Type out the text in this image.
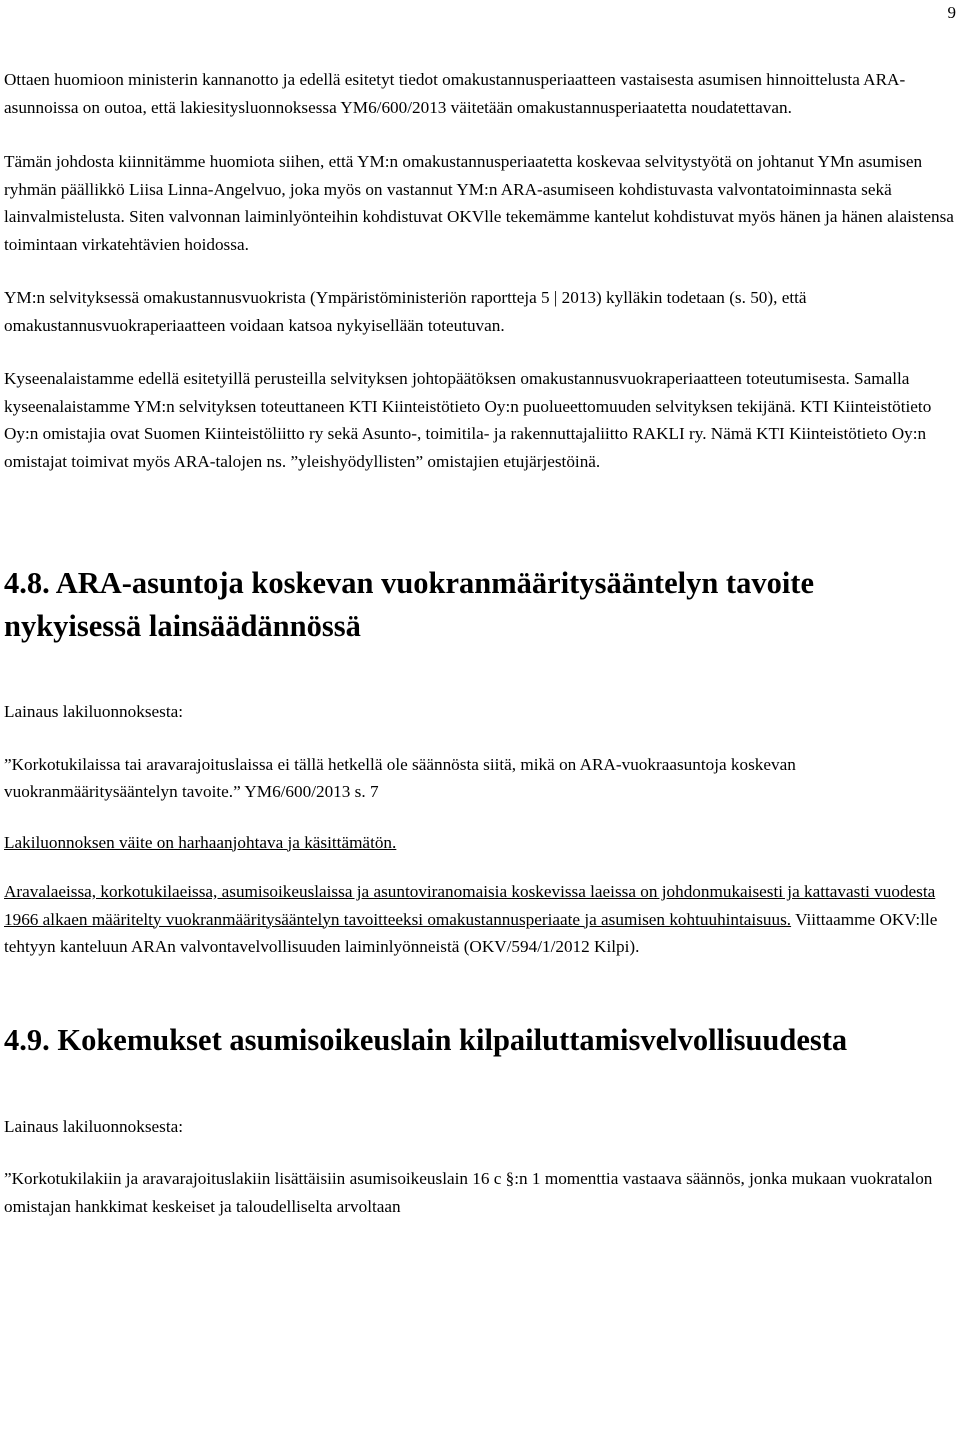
9

Ottaen huomioon ministerin kannanotto ja edellä esitetyt tiedot omakustannusperiaatteen vastaisesta asumisen hinnoittelusta ARA-asunnoissa on outoa, että lakiesitysluonnoksessa YM6/600/2013 väitetään omakustannusperiaatetta noudatettavan.

Tämän johdosta kiinnitämme huomiota siihen, että YM:n omakustannusperiaatetta koskevaa selvitystyötä on johtanut YMn asumisen ryhmän päällikkö Liisa Linna-Angelvuo, joka myös on vastannut YM:n ARA-asumiseen kohdistuvasta valvontatoiminnasta sekä lainvalmistelusta. Siten valvonnan laiminlyönteihin kohdistuvat OKVlle tekemämme kantelut kohdistuvat myös hänen ja hänen alaistensa toimintaan virkatehtävien hoidossa.

YM:n selvityksessä omakustannusvuokrista (Ympäristöministeriön raportteja 5 | 2013) kylläkin todetaan (s. 50), että omakustannusvuokraperiaatteen voidaan katsoa nykyisellään toteutuvan.

Kyseenalaistamme edellä esitetyillä perusteilla selvityksen johtopäätöksen omakustannusvuokraperiaatteen toteutumisesta. Samalla kyseenalaistamme YM:n selvityksen toteuttaneen KTI Kiinteistötieto Oy:n puolueettomuuden selvityksen tekijänä. KTI Kiinteistötieto Oy:n omistajia ovat Suomen Kiinteistöliitto ry sekä Asunto-, toimitila- ja rakennuttajaliitto RAKLI ry. Nämä KTI Kiinteistötieto Oy:n omistajat toimivat myös ARA-talojen ns. ”yleishyödyllisten” omistajien etujärjestöinä.

4.8. ARA-asuntoja koskevan vuokranmääritysääntelyn tavoite nykyisessä lainsäädännössä

Lainaus lakiluonnoksesta:

”Korkotukilaissa tai aravarajoituslaissa ei tällä hetkellä ole säännösta siitä, mikä on ARA-vuokraasuntoja koskevan vuokranmääritysääntelyn tavoite.” YM6/600/2013 s. 7

Lakiluonnoksen väite on harhaanjohtava ja käsittämätön.

Aravalaeissa, korkotukilaeissa, asumisoikeuslaissa ja asuntoviranomaisia koskevissa laeissa on johdonmukaisesti ja kattavasti vuodesta 1966 alkaen määritelty vuokranmääritysääntelyn tavoitteeksi omakustannusperiaate ja asumisen kohtuuhintaisuus. Viittaamme OKV:lle tehtyyn kanteluun ARAn valvontavelvollisuuden laiminlyönneistä (OKV/594/1/2012 Kilpi).

4.9. Kokemukset asumisoikeuslain kilpailuttamisvelvollisuudesta

Lainaus lakiluonnoksesta:

”Korkotukilakiin ja aravarajoituslakiin lisättäisiin asumisoikeuslain 16 c §:n 1 momenttia vastaava säännös, jonka mukaan vuokratalon omistajan hankkimat keskeiset ja taloudelliselta arvoltaan
